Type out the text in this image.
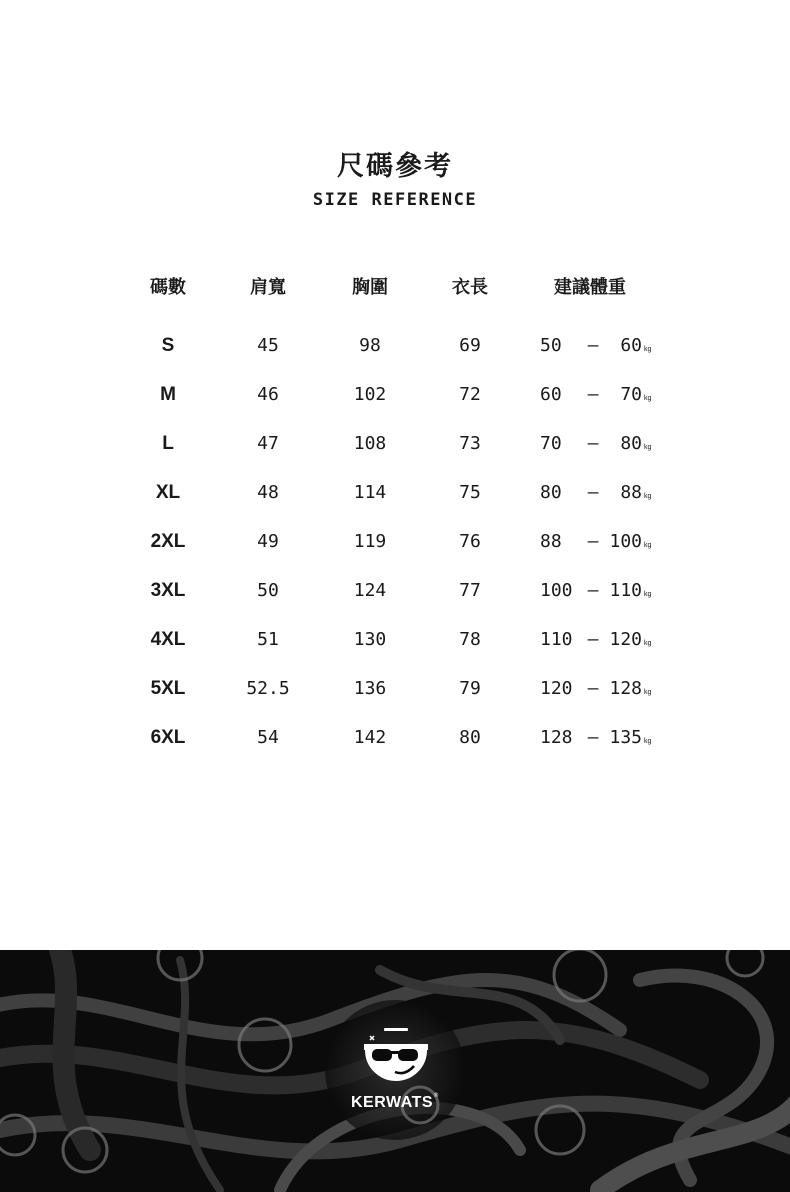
尺碼參考
SIZE REFERENCE
碼數	肩寬	胸圍	衣長	建議體重
S	45	98	69	50 – 60 kg
M	46	102	72	60 – 70 kg
L	47	108	73	70 – 80 kg
XL	48	114	75	80 – 88 kg
2XL	49	119	76	88 – 100 kg
3XL	50	124	77	100 – 110 kg
4XL	51	130	78	110 – 120 kg
5XL	52.5	136	79	120 – 128 kg
6XL	54	142	80	128 – 135 kg
KERWATS®
